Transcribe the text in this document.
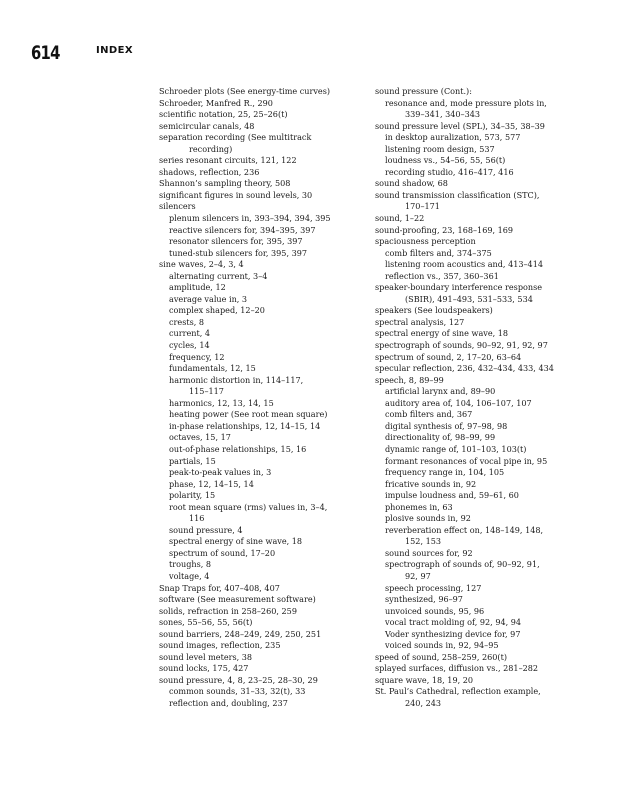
614	INDEX
Schroeder plots (See energy-time curves)
Schroeder, Manfred R., 290
scientific notation, 25, 25–26(t)
semicircular canals, 48
separation recording (See multitrack
recording)
series resonant circuits, 121, 122
shadows, reflection, 236
Shannon’s sampling theory, 508
significant figures in sound levels, 30
silencers
plenum silencers in, 393–394, 394, 395
reactive silencers for, 394–395, 397
resonator silencers for, 395, 397
tuned-stub silencers for, 395, 397
sine waves, 2–4, 3, 4
alternating current, 3–4
amplitude, 12
average value in, 3
complex shaped, 12–20
crests, 8
current, 4
cycles, 14
frequency, 12
fundamentals, 12, 15
harmonic distortion in, 114–117,
115–117
harmonics, 12, 13, 14, 15
heating power (See root mean square)
in-phase relationships, 12, 14–15, 14
octaves, 15, 17
out-of-phase relationships, 15, 16
partials, 15
peak-to-peak values in, 3
phase, 12, 14–15, 14
polarity, 15
root mean square (rms) values in, 3–4,
116
sound pressure, 4
spectral energy of sine wave, 18
spectrum of sound, 17–20
troughs, 8
voltage, 4
Snap Traps for, 407–408, 407
software (See measurement software)
solids, refraction in 258–260, 259
sones, 55–56, 55, 56(t)
sound barriers, 248–249, 249, 250, 251
sound images, reflection, 235
sound level meters, 38
sound locks, 175, 427
sound pressure, 4, 8, 23–25, 28–30, 29
common sounds, 31–33, 32(t), 33
reflection and, doubling, 237
sound pressure (Cont.):
resonance and, mode pressure plots in,
339–341, 340–343
sound pressure level (SPL), 34–35, 38–39
in desktop auralization, 573, 577
listening room design, 537
loudness vs., 54–56, 55, 56(t)
recording studio, 416–417, 416
sound shadow, 68
sound transmission classification (STC),
170–171
sound, 1–22
sound-proofing, 23, 168–169, 169
spaciousness perception
comb filters and, 374–375
listening room acoustics and, 413–414
reflection vs., 357, 360–361
speaker-boundary interference response
(SBIR), 491–493, 531–533, 534
speakers (See loudspeakers)
spectral analysis, 127
spectral energy of sine wave, 18
spectrograph of sounds, 90–92, 91, 92, 97
spectrum of sound, 2, 17–20, 63–64
specular reflection, 236, 432–434, 433, 434
speech, 8, 89–99
artificial larynx and, 89–90
auditory area of, 104, 106–107, 107
comb filters and, 367
digital synthesis of, 97–98, 98
directionality of, 98–99, 99
dynamic range of, 101–103, 103(t)
formant resonances of vocal pipe in, 95
frequency range in, 104, 105
fricative sounds in, 92
impulse loudness and, 59–61, 60
phonemes in, 63
plosive sounds in, 92
reverberation effect on, 148–149, 148,
152, 153
sound sources for, 92
spectrograph of sounds of, 90–92, 91,
92, 97
speech processing, 127
synthesized, 96–97
unvoiced sounds, 95, 96
vocal tract molding of, 92, 94, 94
Voder synthesizing device for, 97
voiced sounds in, 92, 94–95
speed of sound, 258–259, 260(t)
splayed surfaces, diffusion vs., 281–282
square wave, 18, 19, 20
St. Paul’s Cathedral, reflection example,
240, 243
